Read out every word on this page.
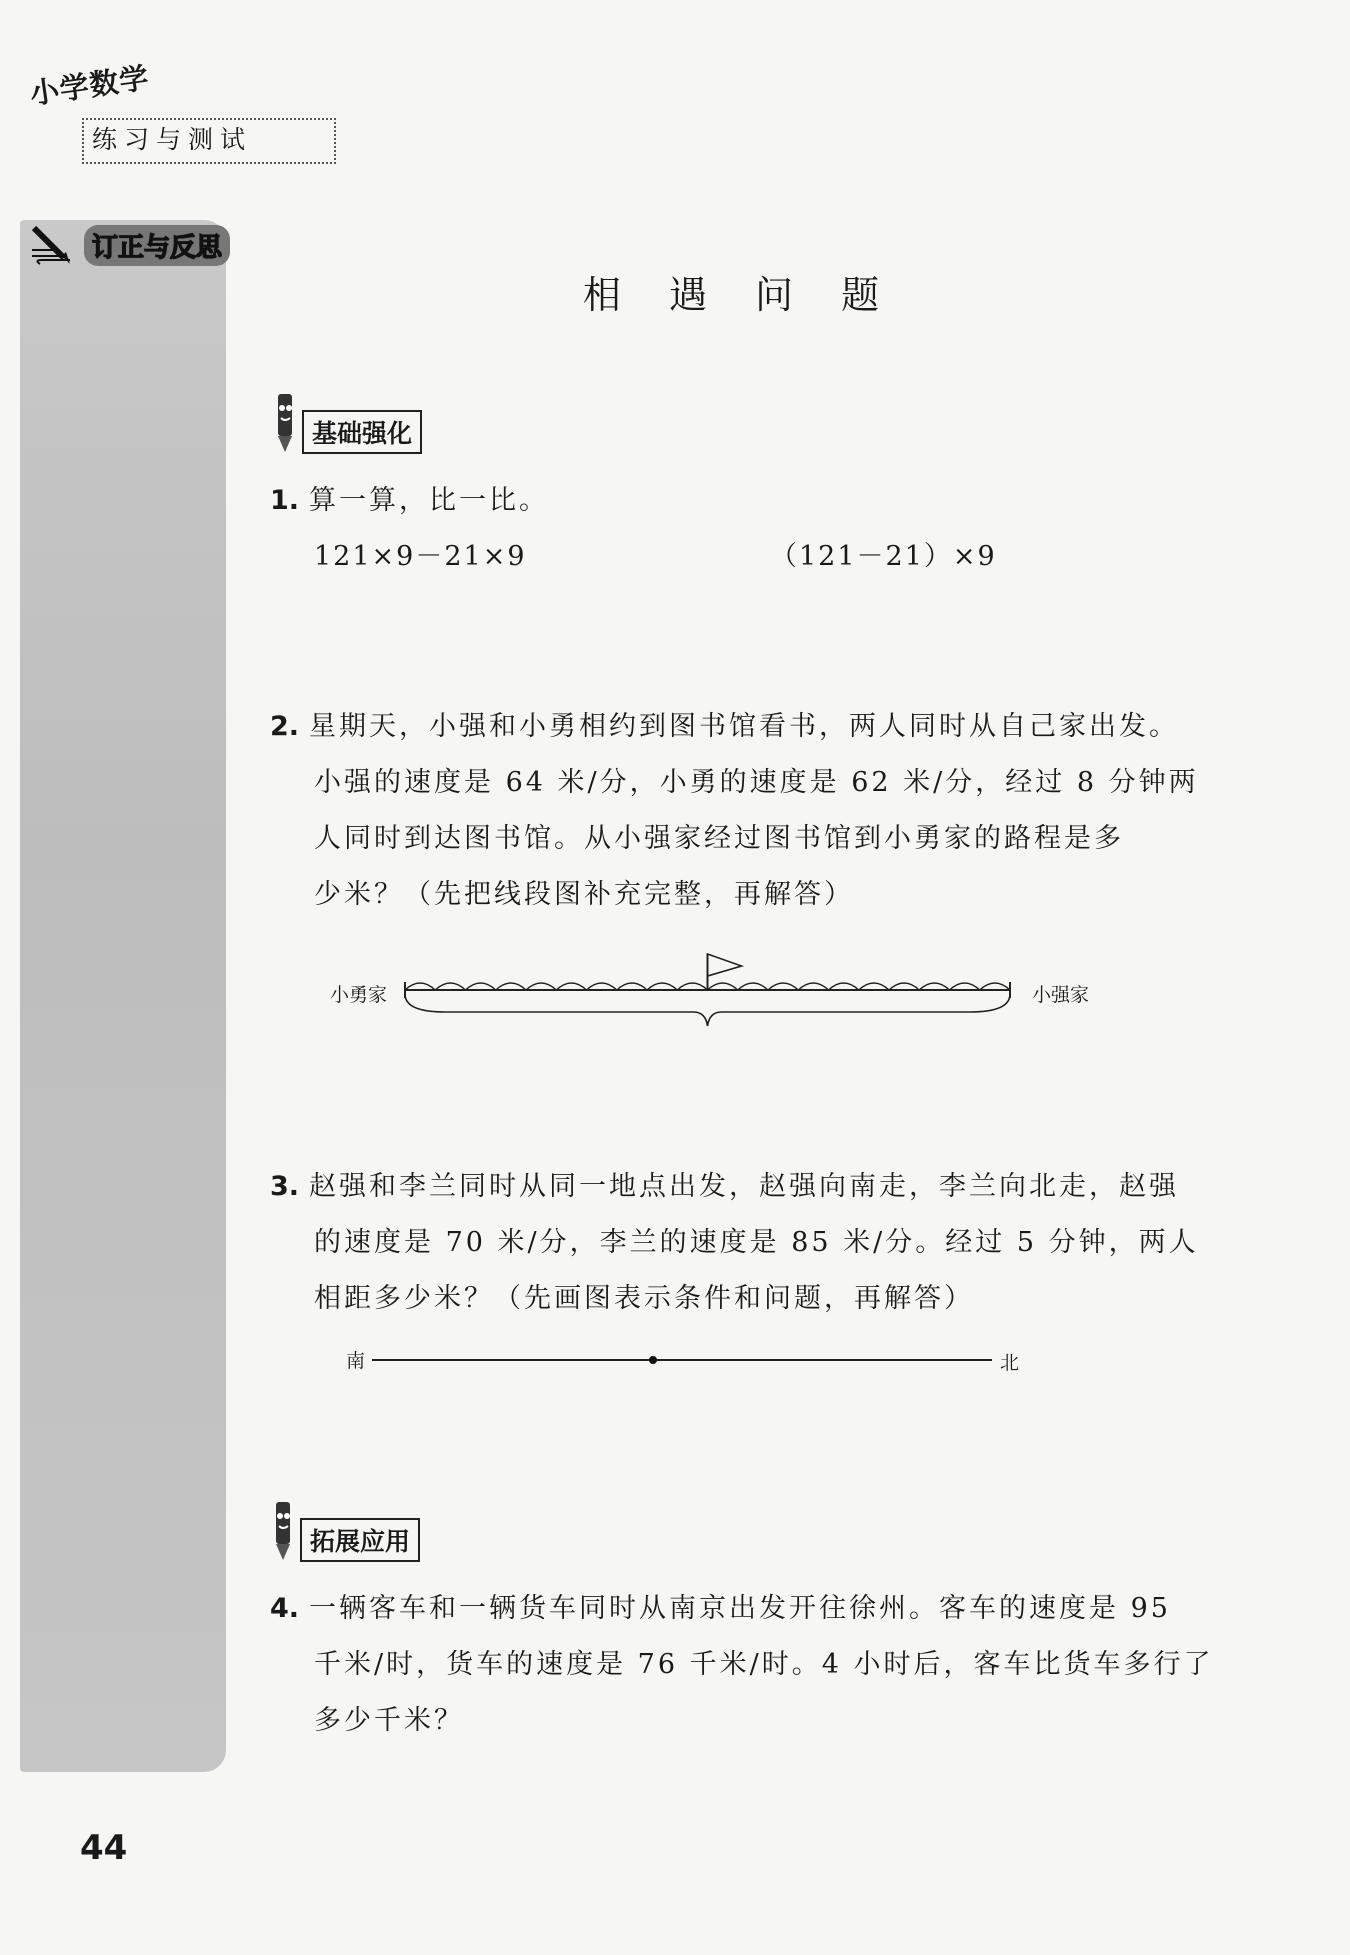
小学数学
练习与测试
订正与反思
相 遇 问 题
基础强化
1. 算一算，比一比。
121×9－21×9	（121－21）×9
2. 星期天，小强和小勇相约到图书馆看书，两人同时从自己家出发。
小强的速度是 64 米/分，小勇的速度是 62 米/分，经过 8 分钟两
人同时到达图书馆。从小强家经过图书馆到小勇家的路程是多
少米？（先把线段图补充完整，再解答）
小勇家	小强家
3. 赵强和李兰同时从同一地点出发，赵强向南走，李兰向北走，赵强
的速度是 70 米/分，李兰的速度是 85 米/分。经过 5 分钟，两人
相距多少米？（先画图表示条件和问题，再解答）
南	北
拓展应用
4. 一辆客车和一辆货车同时从南京出发开往徐州。客车的速度是 95
千米/时，货车的速度是 76 千米/时。4 小时后，客车比货车多行了
多少千米？
44
